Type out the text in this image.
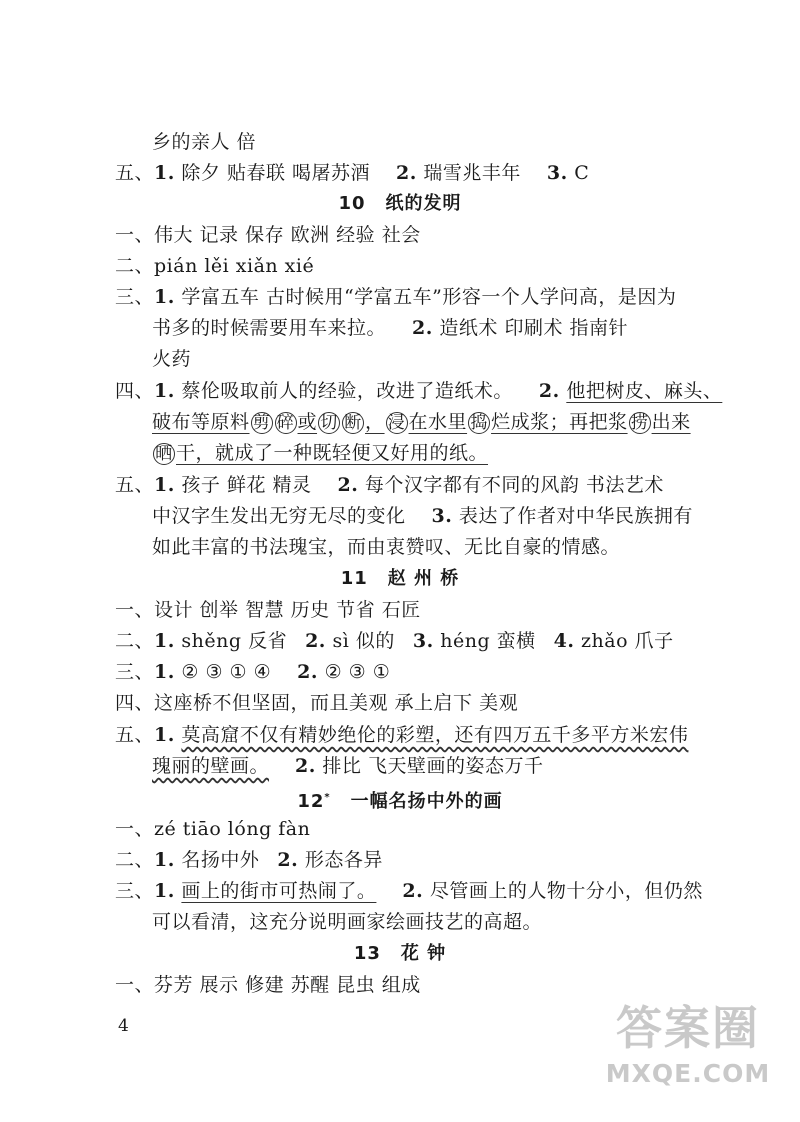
乡的亲人 倍
五、1. 除夕 贴春联 喝屠苏酒 2. 瑞雪兆丰年 3. C
10 纸的发明
一、伟大 记录 保存 欧洲 经验 社会
二、pián lěi xiǎn xié
三、1. 学富五车 古时候用“学富五车”形容一个人学问高，是因为
书多的时候需要用车来拉。 2. 造纸术 印刷术 指南针
火药
四、1. 蔡伦吸取前人的经验，改进了造纸术。 2. 他把树皮、麻头、
破布等原料 剪 碎 或 切 断 ， 浸 在水里 捣 烂成浆；再把浆 捞 出来
晒 干，就成了一种既轻便又好用的纸。
五、1. 孩子 鲜花 精灵 2. 每个汉字都有不同的风韵 书法艺术
中汉字生发出无穷无尽的变化 3. 表达了作者对中华民族拥有
如此丰富的书法瑰宝，而由衷赞叹、无比自豪的情感。
11 赵 州 桥
一、设计 创举 智慧 历史 节省 石匠
二、1. shěng 反省 2. sì 似的 3. héng 蛮横 4. zhǎo 爪子
三、1. ② ③ ① ④ 2. ② ③ ①
四、这座桥不但坚固，而且美观 承上启下 美观
五、1. 莫高窟不仅有精妙绝伦的彩塑，还有四万五千多平方米宏伟
瑰丽的壁画。 2. 排比 飞天壁画的姿态万千
12* 一幅名扬中外的画
一、zé tiāo lóng fàn
二、1. 名扬中外 2. 形态各异
三、1. 画上的街市可热闹了。 2. 尽管画上的人物十分小，但仍然
可以看清，这充分说明画家绘画技艺的高超。
13 花 钟
一、芬芳 展示 修建 苏醒 昆虫 组成
4	答案圈
MXQE.COM
